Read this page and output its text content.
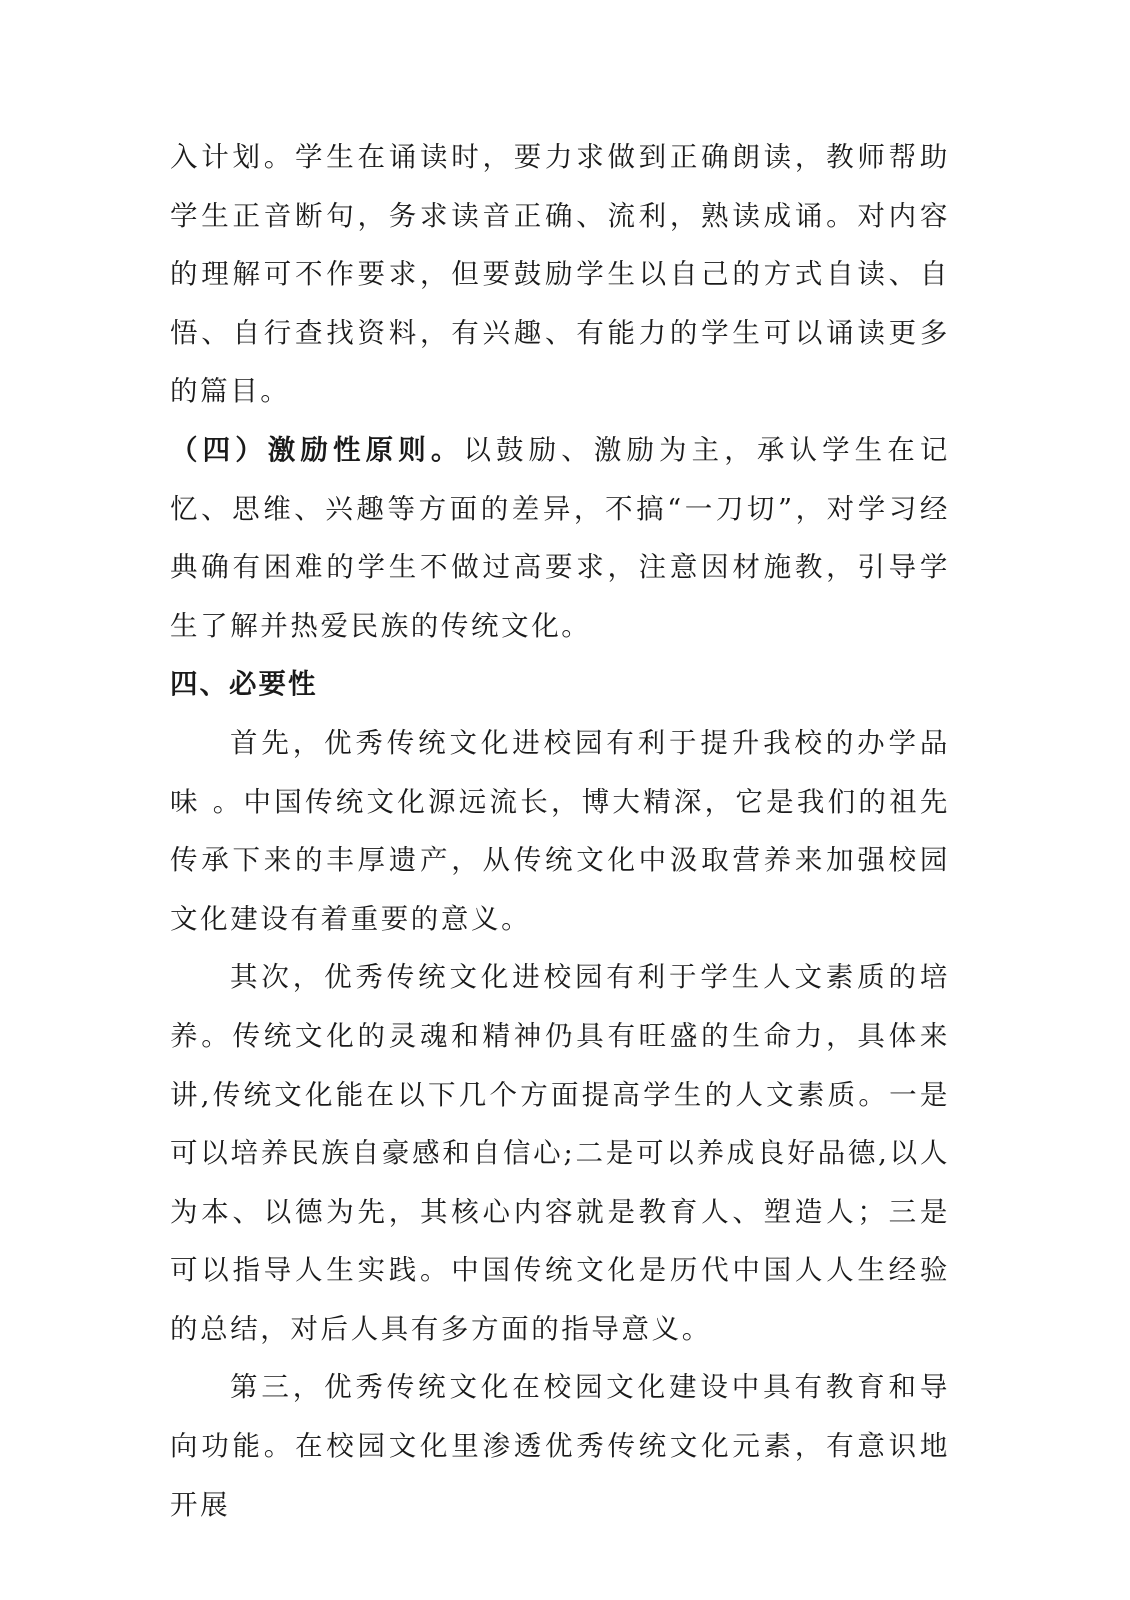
入计划。学生在诵读时，要力求做到正确朗读，教师帮助学生正音断句，务求读音正确、流利，熟读成诵。对内容的理解可不作要求，但要鼓励学生以自己的方式自读、自悟、自行查找资料，有兴趣、有能力的学生可以诵读更多的篇目。

（四）激励性原则。以鼓励、激励为主，承认学生在记忆、思维、兴趣等方面的差异，不搞“一刀切”，对学习经典确有困难的学生不做过高要求，注意因材施教，引导学生了解并热爱民族的传统文化。

四、必要性

首先，优秀传统文化进校园有利于提升我校的办学品味 。中国传统文化源远流长，博大精深，它是我们的祖先传承下来的丰厚遗产，从传统文化中汲取营养来加强校园文化建设有着重要的意义。

其次，优秀传统文化进校园有利于学生人文素质的培养。传统文化的灵魂和精神仍具有旺盛的生命力，具体来讲,传统文化能在以下几个方面提高学生的人文素质。一是可以培养民族自豪感和自信心;二是可以养成良好品德,以人为本、以德为先，其核心内容就是教育人、塑造人；三是可以指导人生实践。中国传统文化是历代中国人人生经验的总结，对后人具有多方面的指导意义。

第三，优秀传统文化在校园文化建设中具有教育和导向功能。在校园文化里渗透优秀传统文化元素，有意识地开展
